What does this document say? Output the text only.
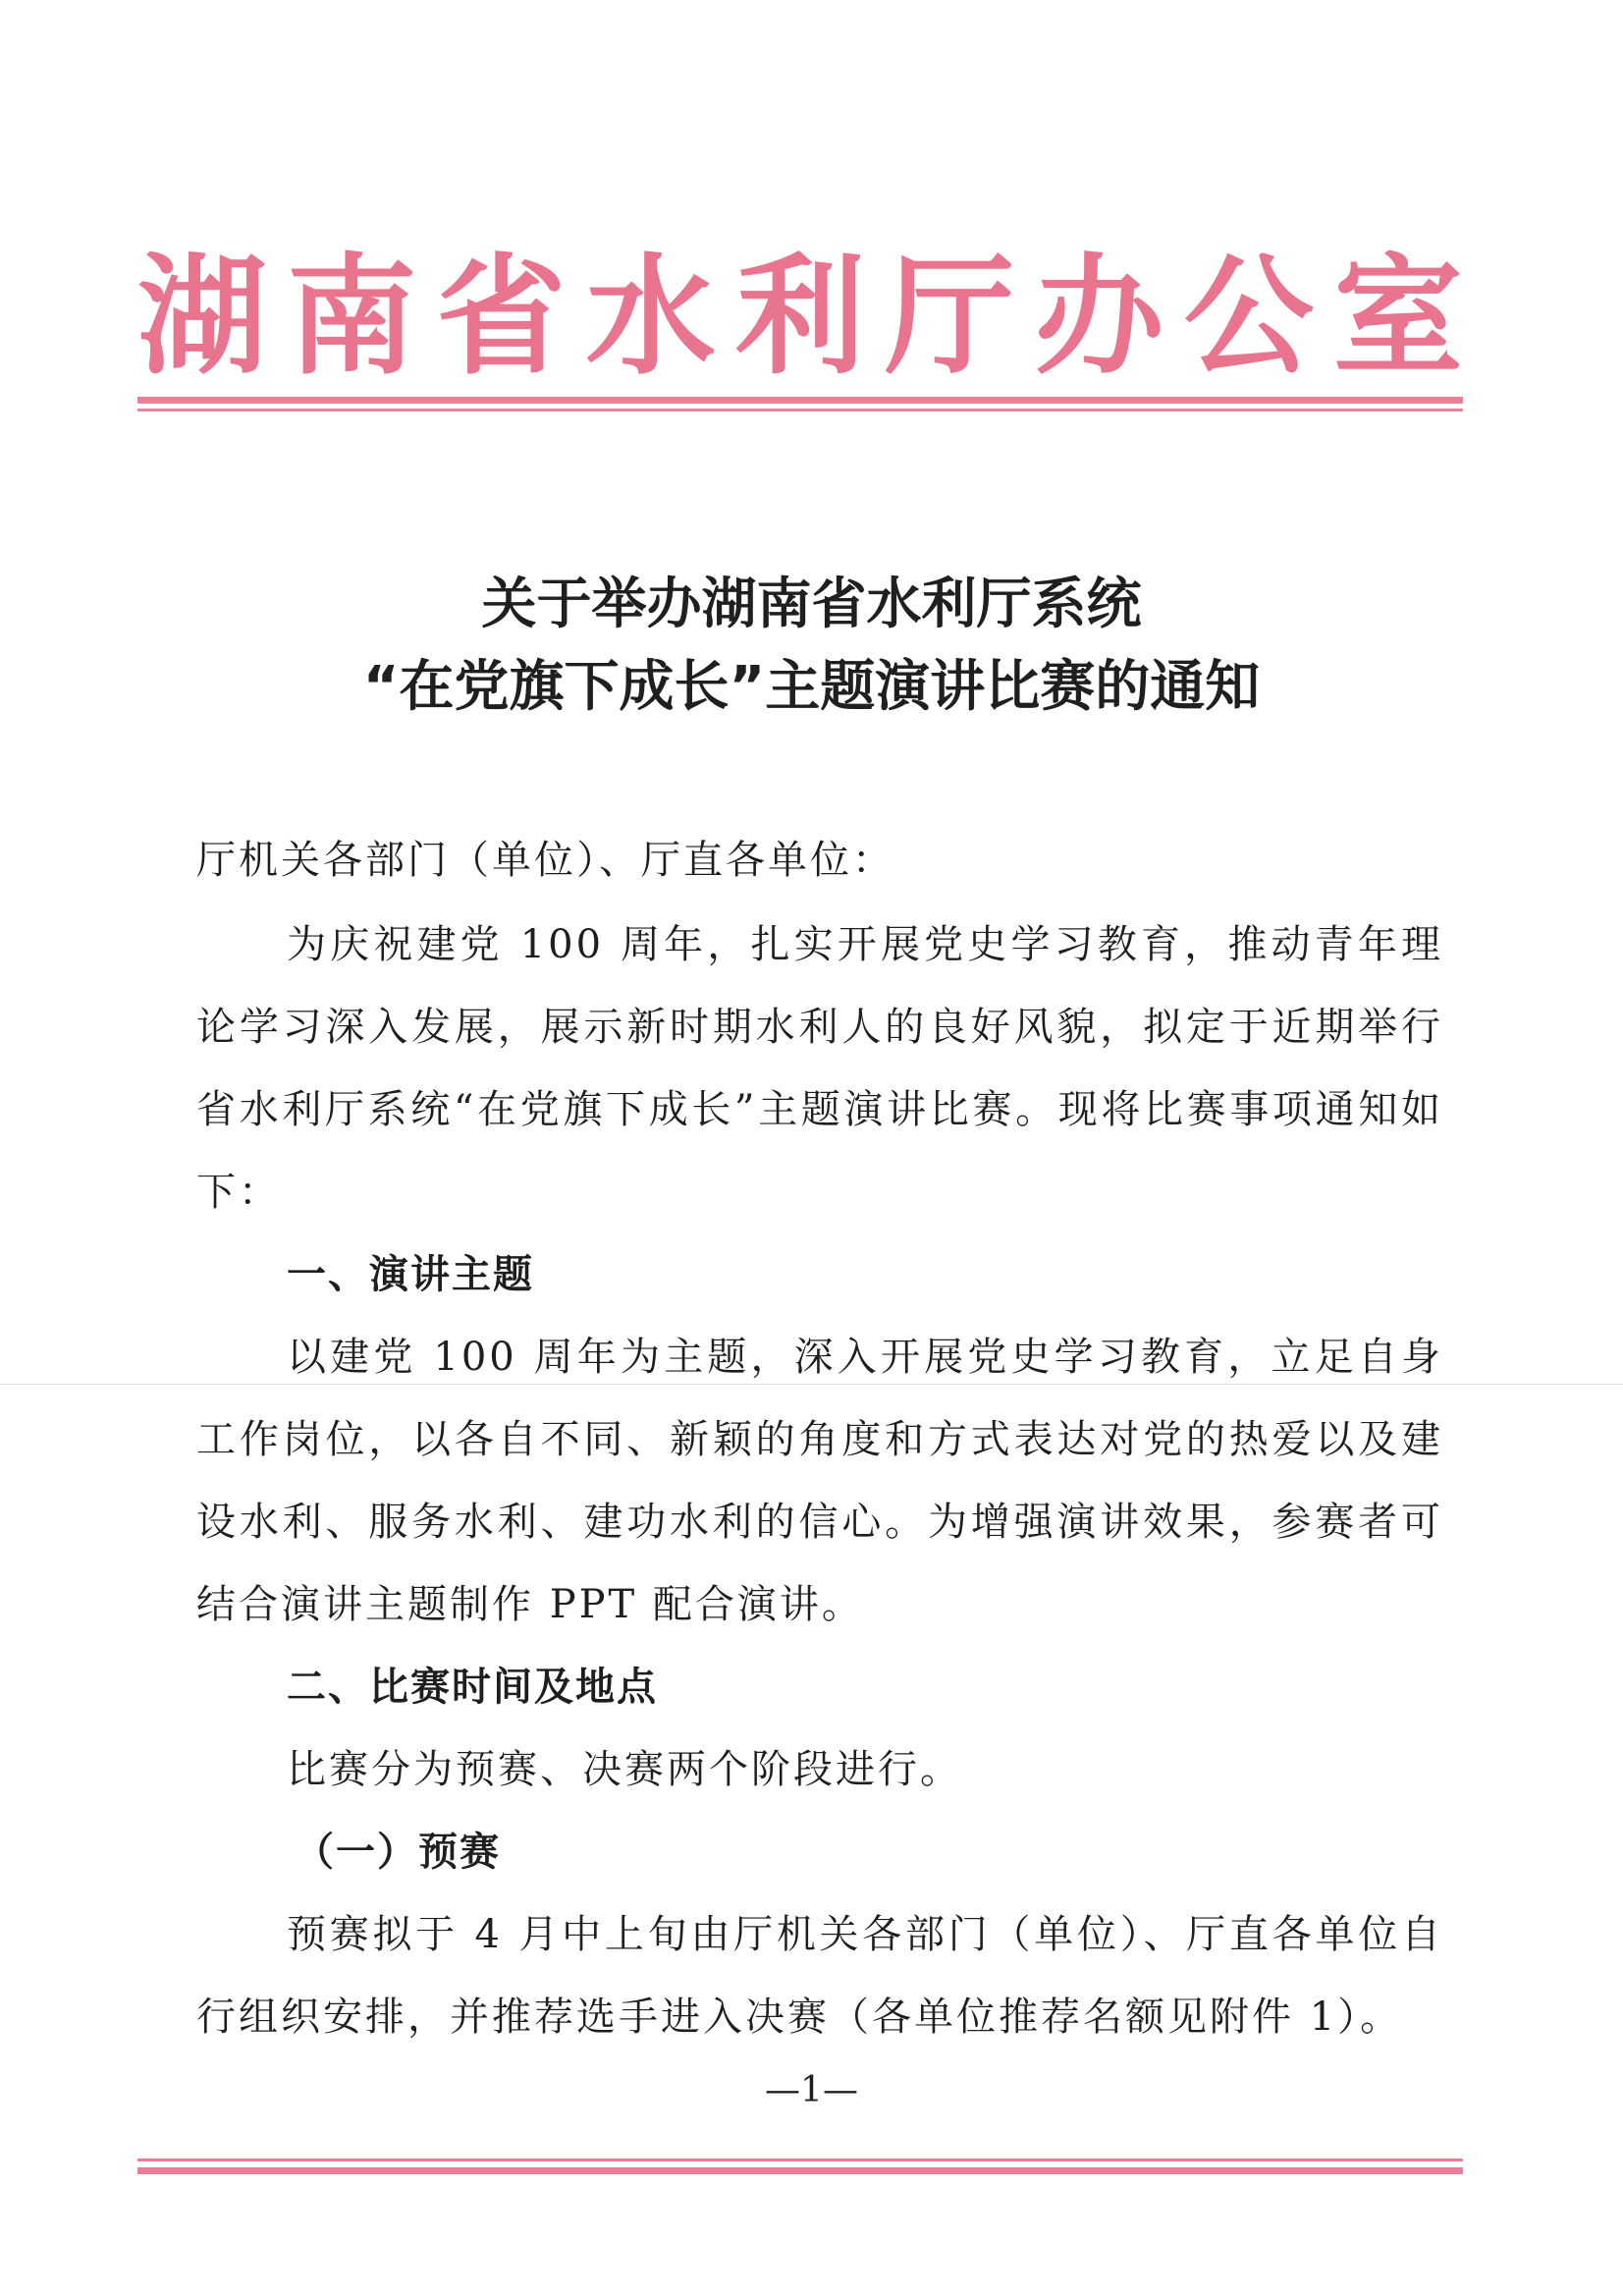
湖 南 省 水 利 厅 办 公 室
关于举办湖南省水利厅系统
“在党旗下成长”主题演讲比赛的通知
厅机关各部门（单位）、厅直各单位：
为庆祝建党 100 周年，扎实开展党史学习教育，推动青年理论学习深入发展，展示新时期水利人的良好风貌，拟定于近期举行省水利厅系统“在党旗下成长”主题演讲比赛。现将比赛事项通知如下：
一、演讲主题
以建党 100 周年为主题，深入开展党史学习教育，立足自身工作岗位，以各自不同、新颖的角度和方式表达对党的热爱以及建设水利、服务水利、建功水利的信心。为增强演讲效果，参赛者可结合演讲主题制作 PPT 配合演讲。
二、比赛时间及地点
比赛分为预赛、决赛两个阶段进行。
（一）预赛
预赛拟于 4 月中上旬由厅机关各部门（单位）、厅直各单位自行组织安排，并推荐选手进入决赛（各单位推荐名额见附件 1）。
—1—
